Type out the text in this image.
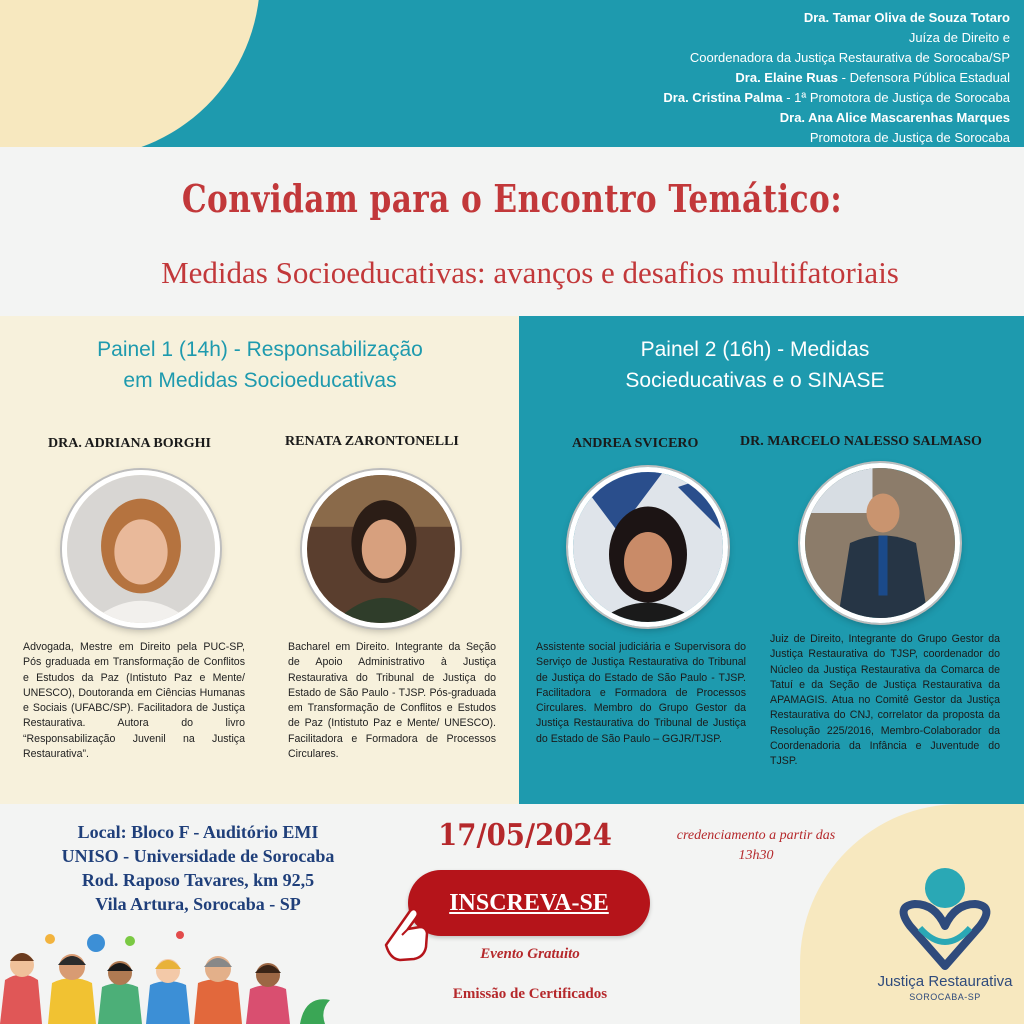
Dra. Tamar Oliva de Souza Totaro
Juíza de Direito e
Coordenadora da Justiça Restaurativa de Sorocaba/SP
Dra. Elaine Ruas - Defensora Pública Estadual
Dra. Cristina Palma - 1ª Promotora de Justiça de Sorocaba
Dra. Ana Alice Mascarenhas Marques
Promotora de Justiça de Sorocaba
Convidam para o Encontro Temático:
Medidas Socioeducativas: avanços e desafios multifatoriais
Painel 1 (14h) - Responsabilização
em Medidas Socioeducativas
Painel 2 (16h) - Medidas
Socieducativas e o SINASE
DRA. ADRIANA BORGHI	RENATA ZARONTONELLI	ANDREA SVICERO	DR. MARCELO NALESSO SALMASO
Advogada, Mestre em Direito pela PUC-SP, Pós graduada em Transformação de Conflitos e Estudos da Paz (Intistuto Paz e Mente/ UNESCO), Doutoranda em Ciências Humanas e Sociais (UFABC/SP). Facilitadora de Justiça Restaurativa. Autora do livro “Responsabilização Juvenil na Justiça Restaurativa”.
Bacharel em Direito. Integrante da Seção de Apoio Administrativo à Justiça Restaurativa do Tribunal de Justiça do Estado de São Paulo - TJSP. Pós-graduada em Transformação de Conflitos e Estudos de Paz (Intistuto Paz e Mente/ UNESCO). Facilitadora e Formadora de Processos Circulares.
Assistente social judiciária e Supervisora do Serviço de Justiça Restaurativa do Tribunal de Justiça do Estado de São Paulo - TJSP. Facilitadora e Formadora de Processos Circulares. Membro do Grupo Gestor da Justiça Restaurativa do Tribunal de Justiça do Estado de São Paulo – GGJR/TJSP.
Juiz de Direito, Integrante do Grupo Gestor da Justiça Restaurativa do TJSP, coordenador do Núcleo da Justiça Restaurativa da Comarca de Tatuí e da Seção de Justiça Restaurativa da APAMAGIS. Atua no Comitê Gestor da Justiça Restaurativa do CNJ, correlator da proposta da Resolução 225/2016, Membro-Colaborador da Coordenadoria da Infância e Juventude do TJSP.
Local: Bloco F - Auditório EMI
UNISO - Universidade de Sorocaba
Rod. Raposo Tavares, km 92,5
Vila Artura, Sorocaba - SP
17/05/2024	credenciamento a partir das
13h30
INSCREVA-SE
Evento Gratuito
Emissão de Certificados
Justiça Restaurativa
SOROCABA-SP
